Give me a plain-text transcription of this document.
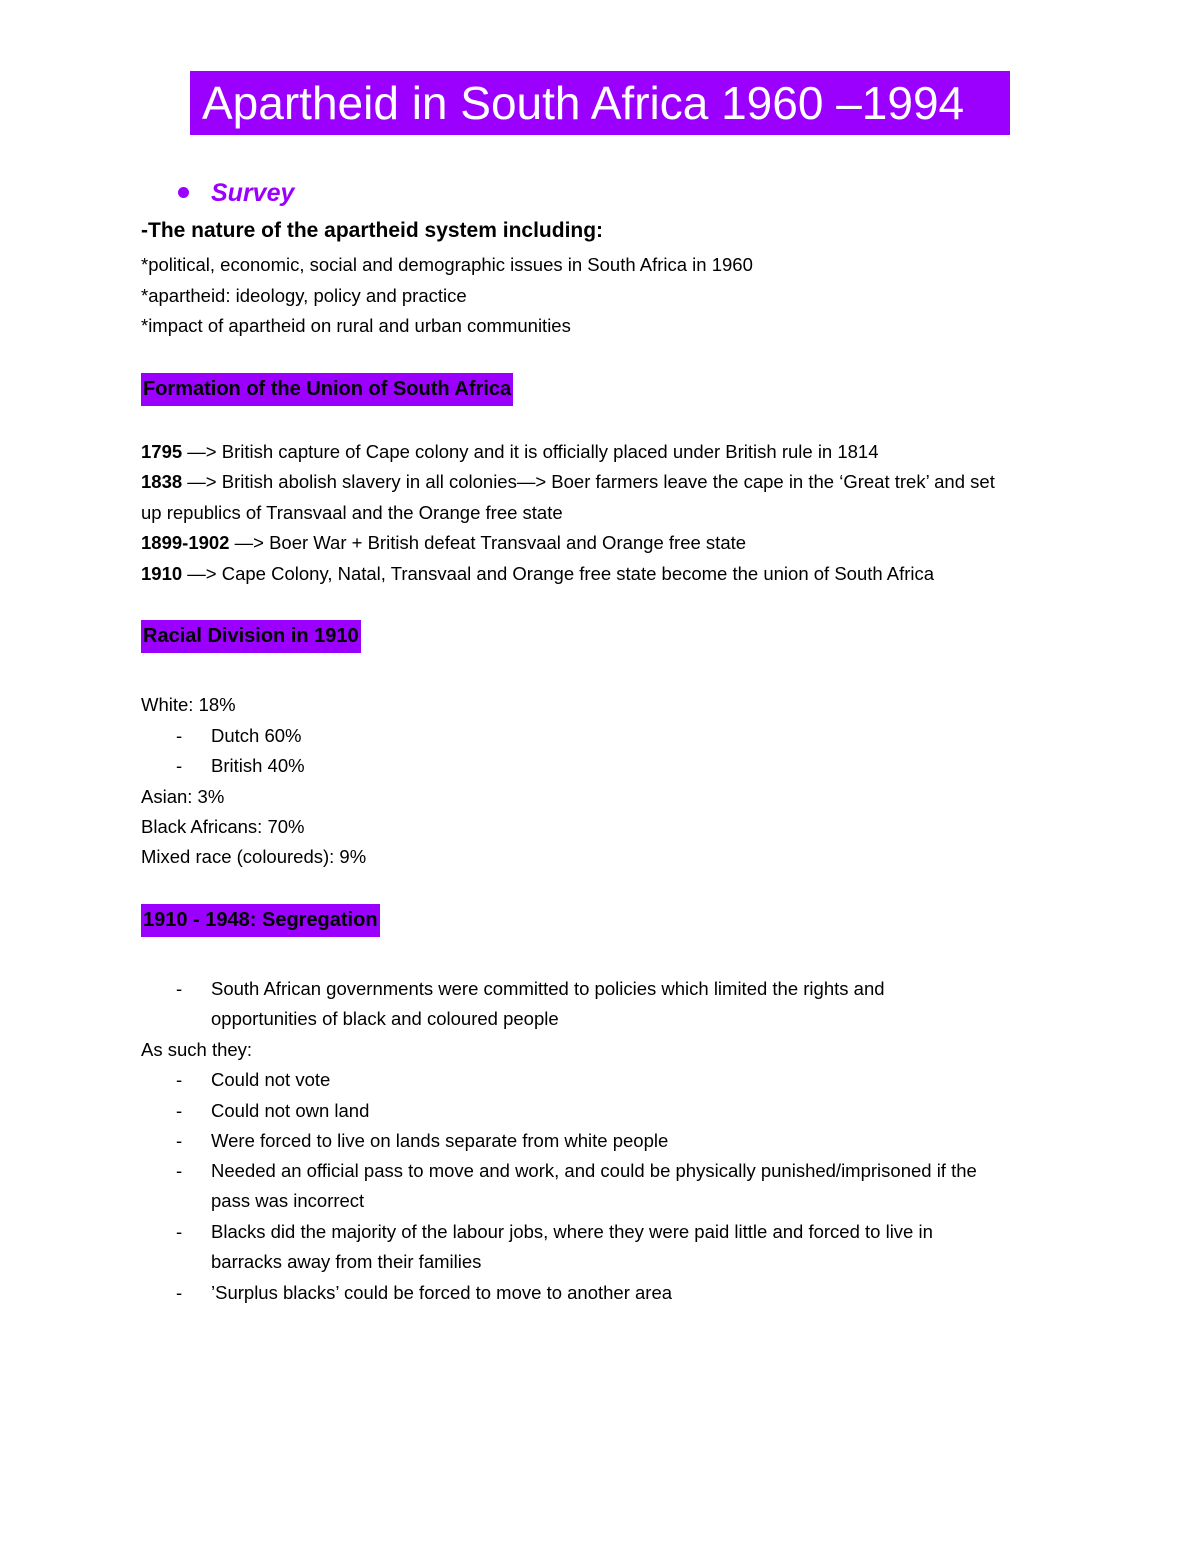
Apartheid in South Africa 1960 –1994
Survey
-The nature of the apartheid system including:
*political, economic, social and demographic issues in South Africa in 1960
*apartheid: ideology, policy and practice
*impact of apartheid on rural and urban communities
Formation of the Union of South Africa
1795 —> British capture of Cape colony and it is officially placed under British rule in 1814
1838 —> British abolish slavery in all colonies—> Boer farmers leave the cape in the ‘Great trek’ and set
up republics of Transvaal and the Orange free state
1899-1902 —> Boer War + British defeat Transvaal and Orange free state
1910 —> Cape Colony, Natal, Transvaal and Orange free state become the union of South Africa
Racial Division in 1910
White: 18%
- Dutch 60%
- British 40%
Asian: 3%
Black Africans: 70%
Mixed race (coloureds): 9%
1910 - 1948: Segregation
- South African governments were committed to policies which limited the rights and
opportunities of black and coloured people
As such they:
- Could not vote
- Could not own land
- Were forced to live on lands separate from white people
- Needed an official pass to move and work, and could be physically punished/imprisoned if the
pass was incorrect
- Blacks did the majority of the labour jobs, where they were paid little and forced to live in
barracks away from their families
- ’Surplus blacks’ could be forced to move to another area
